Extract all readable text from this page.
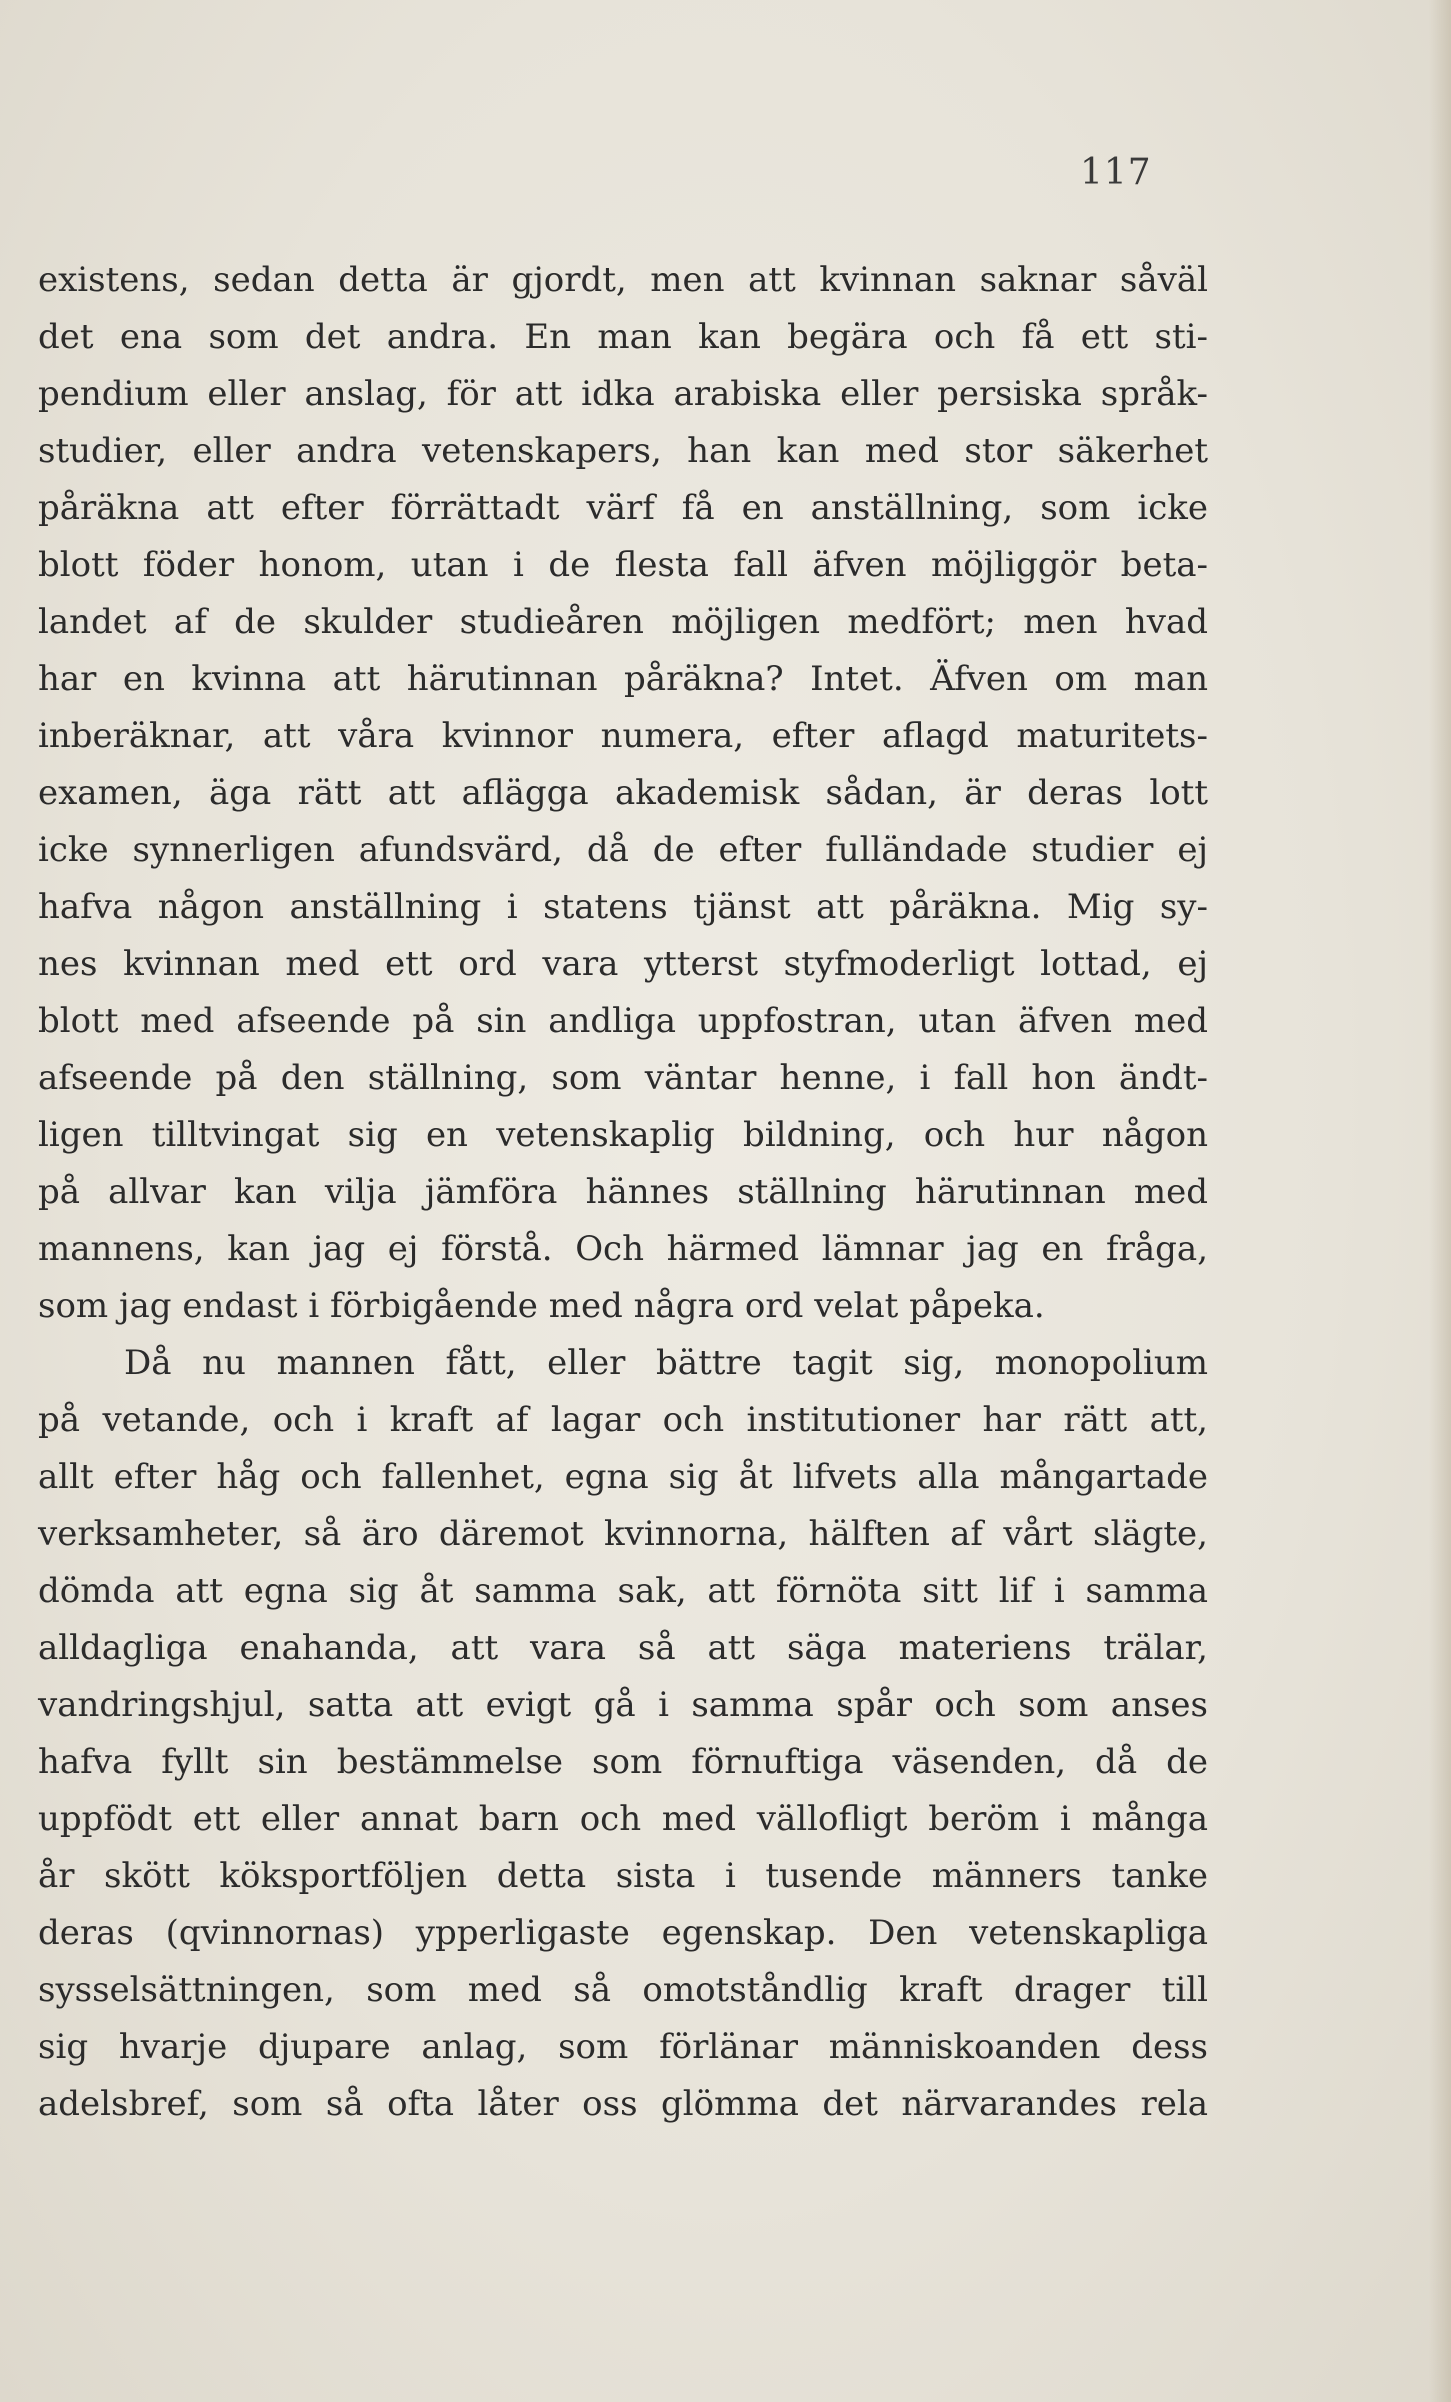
117
existens, sedan detta är gjordt, men att kvinnan saknar såväl
det ena som det andra. En man kan begära och få ett sti-
pendium eller anslag, för att idka arabiska eller persiska språk-
studier, eller andra vetenskapers, han kan med stor säkerhet
påräkna att efter förrättadt värf få en anställning, som icke
blott föder honom, utan i de flesta fall äfven möjliggör beta-
landet af de skulder studieåren möjligen medfört; men hvad
har en kvinna att härutinnan påräkna? Intet. Äfven om man
inberäknar, att våra kvinnor numera, efter aflagd maturitets-
examen, äga rätt att aflägga akademisk sådan, är deras lott
icke synnerligen afundsvärd, då de efter fulländade studier ej
hafva någon anställning i statens tjänst att påräkna. Mig sy-
nes kvinnan med ett ord vara ytterst styfmoderligt lottad, ej
blott med afseende på sin andliga uppfostran, utan äfven med
afseende på den ställning, som väntar henne, i fall hon ändt-
ligen tilltvingat sig en vetenskaplig bildning, och hur någon
på allvar kan vilja jämföra hännes ställning härutinnan med
mannens, kan jag ej förstå. Och härmed lämnar jag en fråga,
som jag endast i förbigående med några ord velat påpeka.
Då nu mannen fått, eller bättre tagit sig, monopolium
på vetande, och i kraft af lagar och institutioner har rätt att,
allt efter håg och fallenhet, egna sig åt lifvets alla mångartade
verksamheter, så äro däremot kvinnorna, hälften af vårt slägte,
dömda att egna sig åt samma sak, att förnöta sitt lif i samma
alldagliga enahanda, att vara så att säga materiens trälar,
vandringshjul, satta att evigt gå i samma spår och som anses
hafva fyllt sin bestämmelse som förnuftiga väsenden, då de
uppfödt ett eller annat barn och med vällofligt beröm i många
år skött köksportföljen detta sista i tusende männers tanke
deras (qvinnornas) ypperligaste egenskap. Den vetenskapliga
sysselsättningen, som med så omotståndlig kraft drager till
sig hvarje djupare anlag, som förlänar människoanden dess
adelsbref, som så ofta låter oss glömma det närvarandes rela
